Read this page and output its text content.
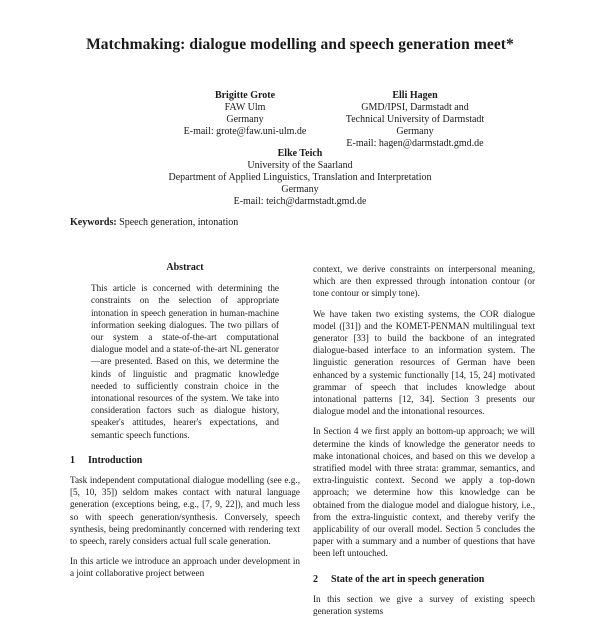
Matchmaking: dialogue modelling and speech generation meet*
Brigitte Grote
FAW Ulm
Germany
E-mail: grote@faw.uni-ulm.de
Elli Hagen
GMD/IPSI, Darmstadt and
Technical University of Darmstadt
Germany
E-mail: hagen@darmstadt.gmd.de
Elke Teich
University of the Saarland
Department of Applied Linguistics, Translation and Interpretation
Germany
E-mail: teich@darmstadt.gmd.de
Keywords: Speech generation, intonation
Abstract
This article is concerned with determining the constraints on the selection of appropriate intonation in speech generation in human-machine information seeking dialogues. The two pillars of our system a state-of-the-art computational dialogue model and a state-of-the-art NL generator—are presented. Based on this, we determine the kinds of linguistic and pragmatic knowledge needed to sufficiently constrain choice in the intonational resources of the system. We take into consideration factors such as dialogue history, speaker's attitudes, hearer's expectations, and semantic speech functions.
1 Introduction

Task independent computational dialogue modelling (see e.g., [5, 10, 35]) seldom makes contact with natural language generation (exceptions being, e.g., [7, 9, 22]), and much less so with speech generation/synthesis. Conversely, speech synthesis, being predominantly concerned with rendering text to speech, rarely considers actual full scale generation.

In this article we introduce an approach under development in a joint collaborative project between

context, we derive constraints on interpersonal meaning, which are then expressed through intonation contour (or tone contour or simply tone).

We have taken two existing systems, the COR dialogue model ([31]) and the KOMET-PENMAN multilingual text generator [33] to build the backbone of an integrated dialogue-based interface to an information system. The linguistic generation resources of German have been enhanced by a systemic functionally [14, 15, 24] motivated grammar of speech that includes knowledge about intonational patterns [12, 34]. Section 3 presents our dialogue model and the intonational resources.

In Section 4 we first apply an bottom-up approach; we will determine the kinds of knowledge the generator needs to make intonational choices, and based on this we develop a stratified model with three strata: grammar, semantics, and extra-linguistic context. Second we apply a top-down approach; we determine how this knowledge can be obtained from the dialogue model and dialogue history, i.e., from the extra-linguistic context, and thereby verify the applicability of our overall model. Section 5 concludes the paper with a summary and a number of questions that have been left untouched.

2 State of the art in speech generation

In this section we give a survey of existing speech generation systems
